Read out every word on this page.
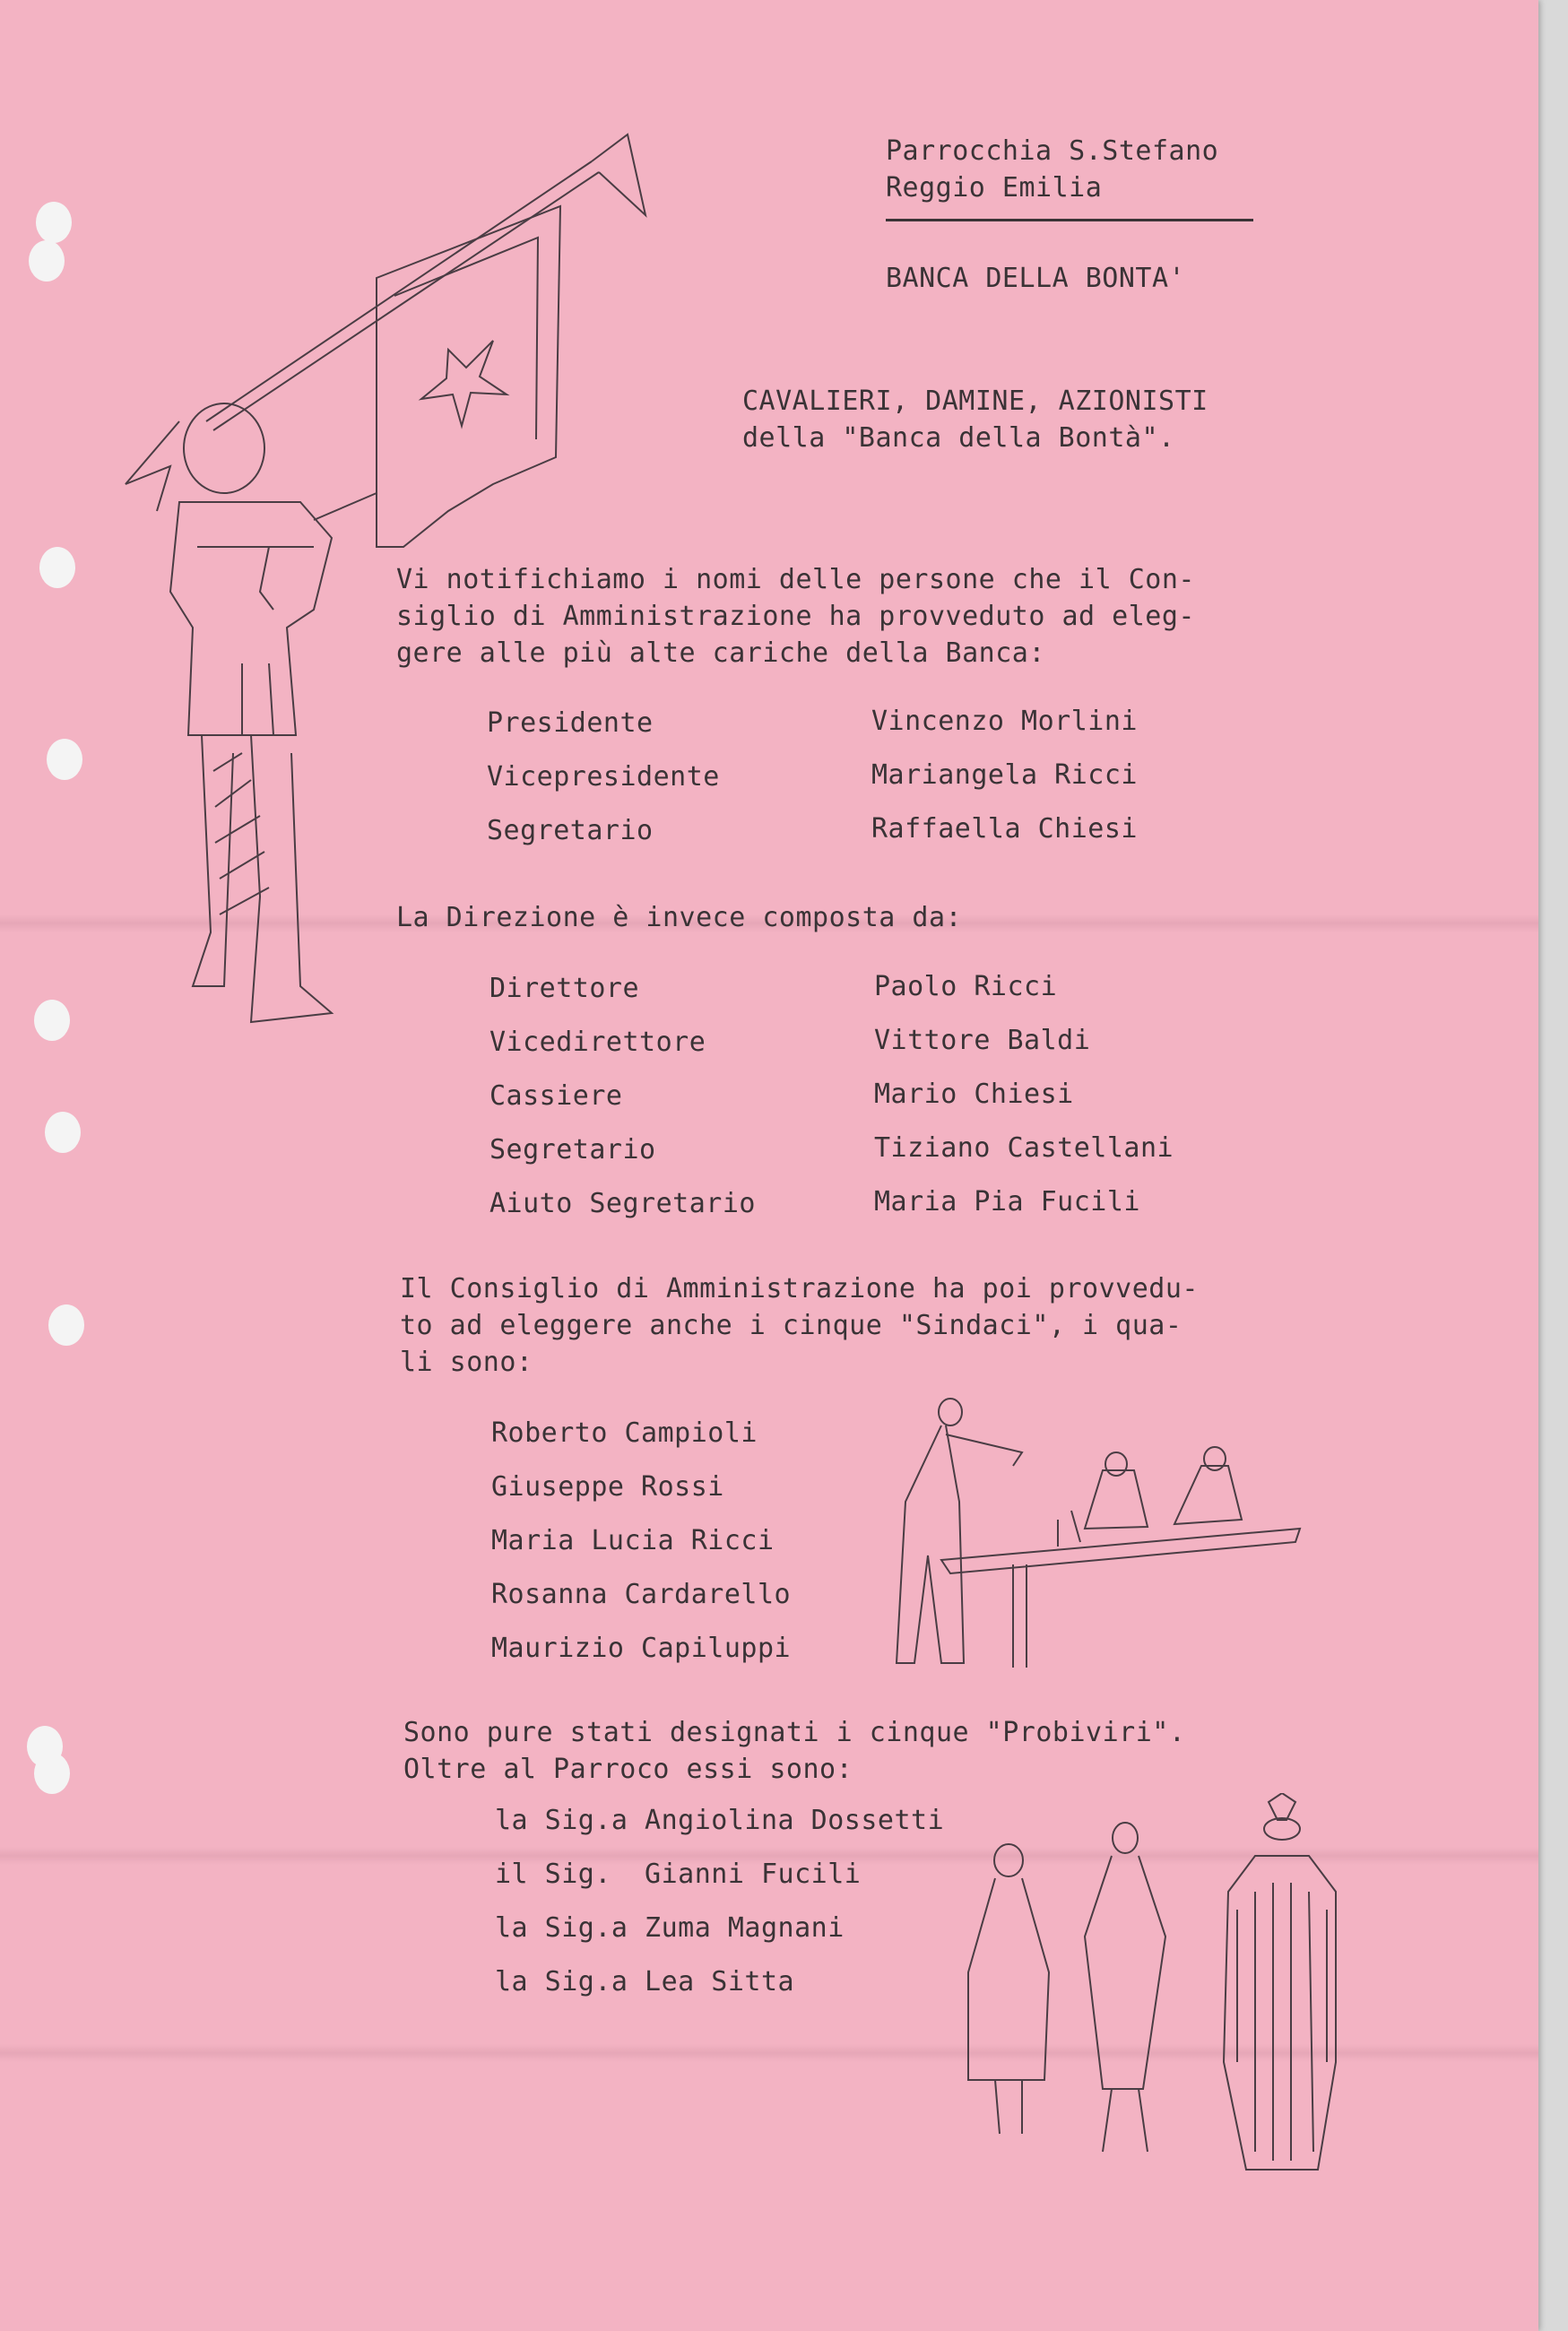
Parrocchia S.Stefano
Reggio Emilia
BANCA DELLA BONTA'
CAVALIERI, DAMINE, AZIONISTI
della "Banca della Bontà".
Vi notifichiamo i nomi delle persone che il Con-
siglio di Amministrazione ha provveduto ad eleg-
gere alle più alte cariche della Banca:
Presidente	Vincenzo Morlini
Vicepresidente	Mariangela Ricci
Segretario	Raffaella Chiesi
La Direzione è invece composta da:
Direttore	Paolo Ricci
Vicedirettore	Vittore Baldi
Cassiere	Mario Chiesi
Segretario	Tiziano Castellani
Aiuto Segretario	Maria Pia Fucili
Il Consiglio di Amministrazione ha poi provvedu-
to ad eleggere anche i cinque "Sindaci", i qua-
li sono:
Roberto Campioli
Giuseppe Rossi
Maria Lucia Ricci
Rosanna Cardarello
Maurizio Capiluppi
Sono pure stati designati i cinque "Probiviri".
Oltre al Parroco essi sono:
la Sig.a Angiolina Dossetti
il Sig.  Gianni Fucili
la Sig.a Zuma Magnani
la Sig.a Lea Sitta
